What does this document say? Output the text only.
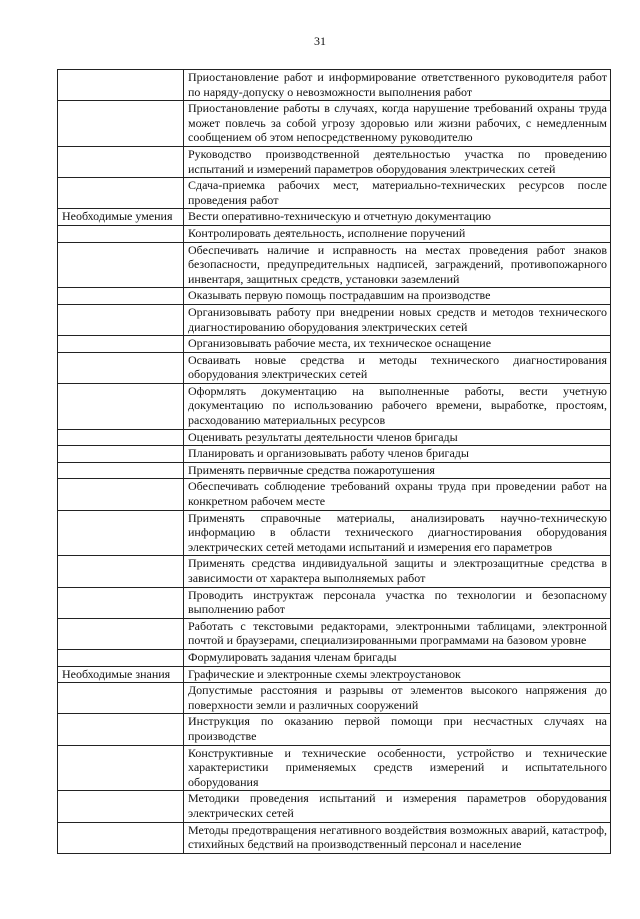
31
	Приостановление работ и информирование ответственного руководителя работ по наряду-допуску о невозможности выполнения работ
	Приостановление работы в случаях, когда нарушение требований охраны труда может повлечь за собой угрозу здоровью или жизни рабочих, с немедленным сообщением об этом непосредственному руководителю
	Руководство производственной деятельностью участка по проведению испытаний и измерений параметров оборудования электрических сетей
	Сдача-приемка рабочих мест, материально-технических ресурсов после проведения работ
Необходимые умения	Вести оперативно-техническую и отчетную документацию
	Контролировать деятельность, исполнение поручений
	Обеспечивать наличие и исправность на местах проведения работ знаков безопасности, предупредительных надписей, заграждений, противопожарного инвентаря, защитных средств, установки заземлений
	Оказывать первую помощь пострадавшим на производстве
	Организовывать работу при внедрении новых средств и методов технического диагностированию оборудования электрических сетей
	Организовывать рабочие места, их техническое оснащение
	Осваивать новые средства и методы технического диагностирования оборудования электрических сетей
	Оформлять документацию на выполненные работы, вести учетную документацию по использованию рабочего времени, выработке, простоям, расходованию материальных ресурсов
	Оценивать результаты деятельности членов бригады
	Планировать и организовывать работу членов бригады
	Применять первичные средства пожаротушения
	Обеспечивать соблюдение требований охраны труда при проведении работ на конкретном рабочем месте
	Применять справочные материалы, анализировать научно-техническую информацию в области технического диагностирования оборудования электрических сетей методами испытаний и измерения его параметров
	Применять средства индивидуальной защиты и электрозащитные средства в зависимости от характера выполняемых работ
	Проводить инструктаж персонала участка по технологии и безопасному выполнению работ
	Работать с текстовыми редакторами, электронными таблицами, электронной почтой и браузерами, специализированными программами на базовом уровне
	Формулировать задания членам бригады
Необходимые знания	Графические и электронные схемы электроустановок
	Допустимые расстояния и разрывы от элементов высокого напряжения до поверхности земли и различных сооружений
	Инструкция по оказанию первой помощи при несчастных случаях на производстве
	Конструктивные и технические особенности, устройство и технические характеристики применяемых средств измерений и испытательного оборудования
	Методики проведения испытаний и измерения параметров оборудования электрических сетей
	Методы предотвращения негативного воздействия возможных аварий, катастроф, стихийных бедствий на производственный персонал и население
